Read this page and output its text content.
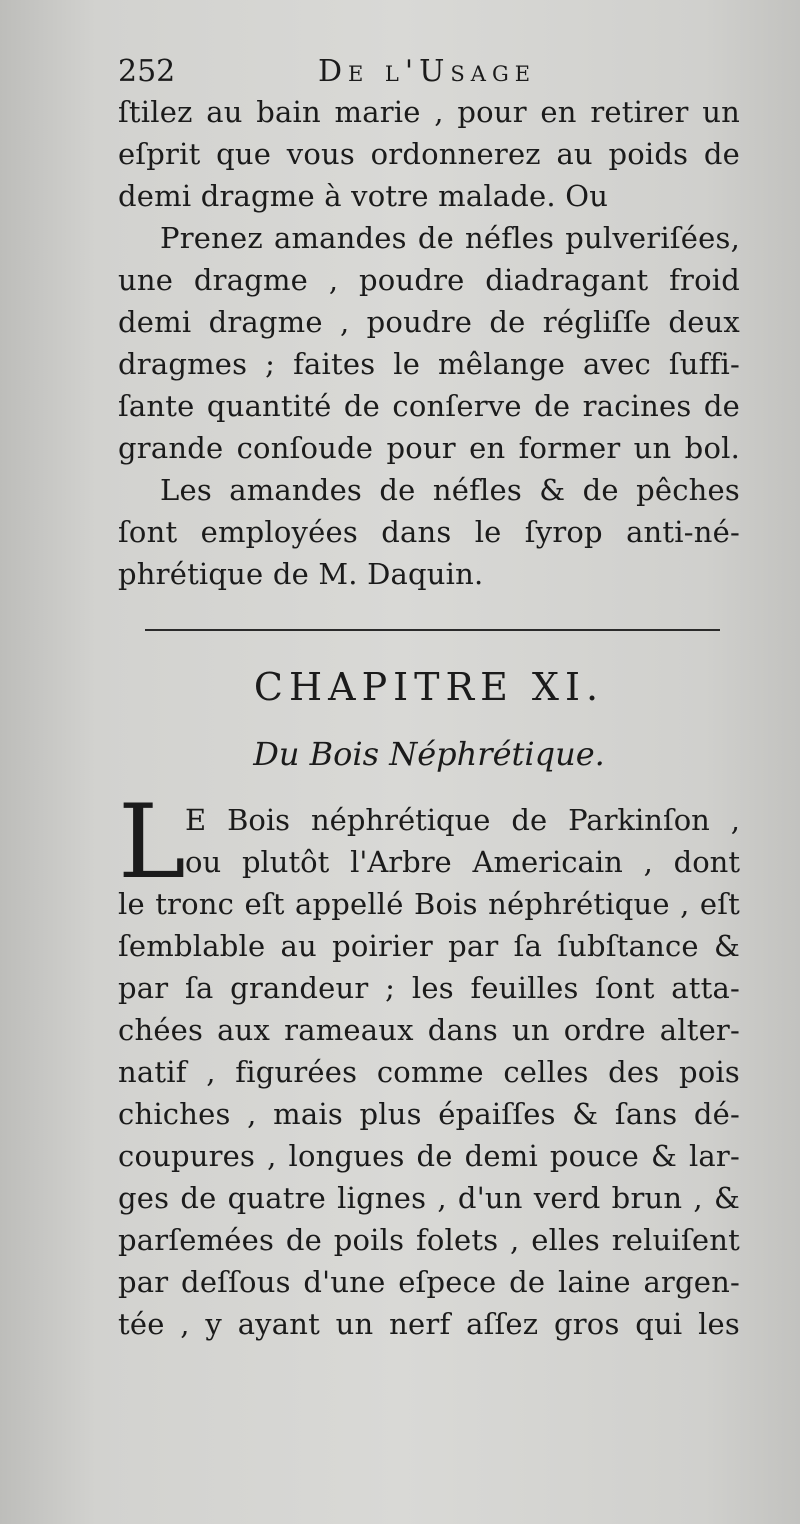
252	De l'Usage
ſtilez au bain marie , pour en retirer un
eſprit que vous ordonnerez au poids de
demi dragme à votre malade. Ou
Prenez amandes de néfles pulveriſées,
une dragme , poudre diadragant froid
demi dragme , poudre de régliſſe deux
dragmes ; faites le mêlange avec ſuffi-
ſante quantité de conſerve de racines de
grande conſoude pour en former un bol.
Les amandes de néfles & de pêches
ſont employées dans le ſyrop anti-né-
phrétique de M. Daquin.
CHAPITRE XI.
Du Bois Néphrétique.
L E Bois néphrétique de Parkinſon ,
ou plutôt l'Arbre Americain , dont
le tronc eſt appellé Bois néphrétique , eſt
ſemblable au poirier par ſa ſubſtance &
par ſa grandeur ; les feuilles ſont atta-
chées aux rameaux dans un ordre alter-
natif , figurées comme celles des pois
chiches , mais plus épaiſſes & ſans dé-
coupures , longues de demi pouce & lar-
ges de quatre lignes , d'un verd brun , &
parſemées de poils folets , elles reluiſent
par deſſous d'une eſpece de laine argen-
tée , y ayant un nerf aſſez gros qui les
